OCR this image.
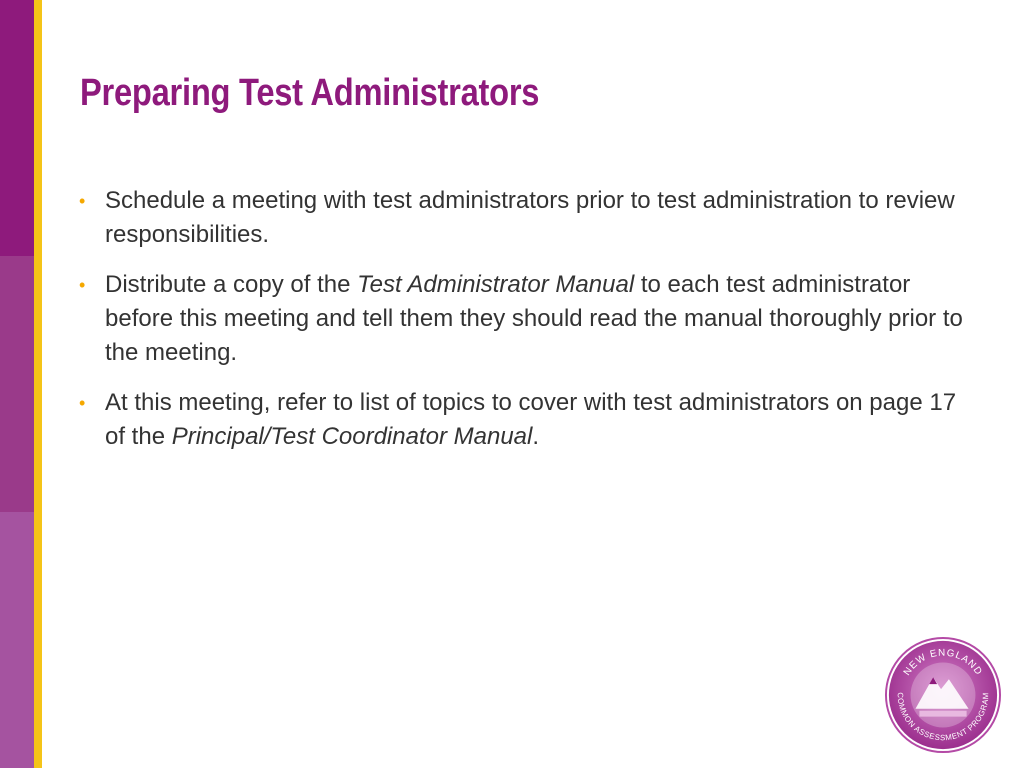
Preparing Test Administrators
• Schedule a meeting with test administrators prior to test administration to review responsibilities.
• Distribute a copy of the Test Administrator Manual to each test administrator before this meeting and tell them they should read the manual thoroughly prior to the meeting.
• At this meeting, refer to list of topics to cover with test administrators on page 17 of the Principal/Test Coordinator Manual.
NEW ENGLAND
COMMON ASSESSMENT PROGRAM
